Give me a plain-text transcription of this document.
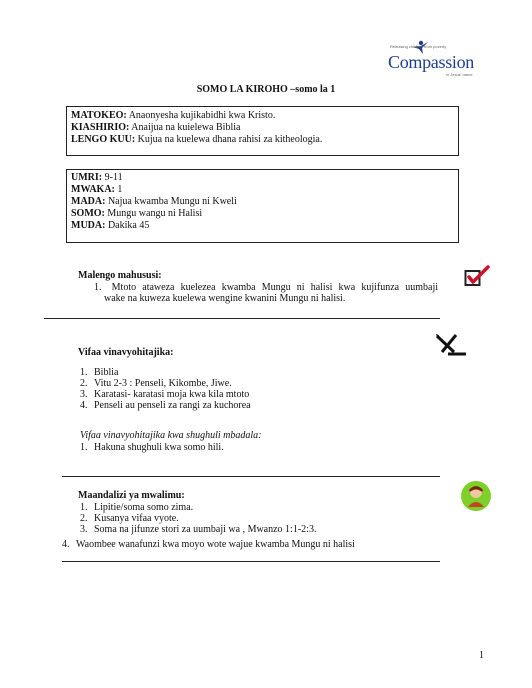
Releasing children from poverty
Compassion
in Jesus' name
SOMO LA KIROHO –somo la 1
MATOKEO: Anaonyesha kujikabidhi kwa Kristo.
KIASHIRIO: Anaijua na kuielewa Biblia
LENGO KUU: Kujua na kuelewa dhana rahisi za kitheologia.
UMRI: 9-11
MWAKA: 1
MADA: Najua kwamba Mungu ni Kweli
SOMO: Mungu wangu ni Halisi
MUDA: Dakika 45
Malengo mahususi:
1. Mtoto ataweza kuelezea kwamba Mungu ni halisi kwa kujifunza uumbaji
wake na kuweza kuelewa wengine kwanini Mungu ni halisi.
Vifaa vinavyohitajika:
1. Biblia
2. Vitu 2-3 : Penseli, Kikombe, Jiwe.
3. Karatasi- karatasi moja kwa kila mtoto
4. Penseli au penseli za rangi za kuchorea
Vifaa vinavyohitajika kwa shughuli mbadala:
1. Hakuna shughuli kwa somo hili.
Maandalizi ya mwalimu:
1. Lipitie/soma somo zima.
2. Kusanya vifaa vyote.
3. Soma na jifunze stori za uumbaji wa , Mwanzo 1:1-2:3.
4. Waombee wanafunzi kwa moyo wote wajue kwamba Mungu ni halisi
1
